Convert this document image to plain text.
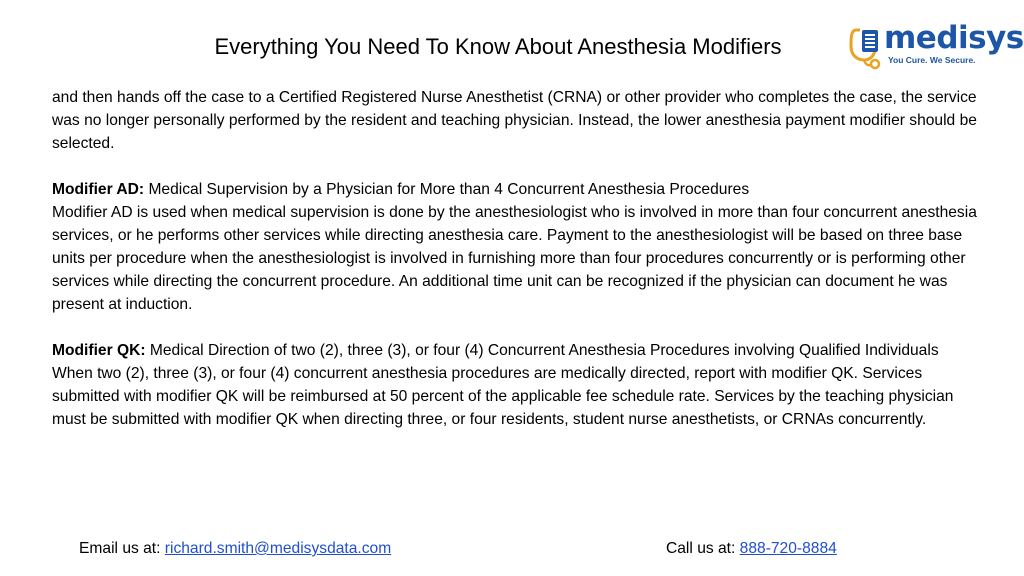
Everything You Need To Know About Anesthesia Modifiers	medisys
You Cure. We Secure.

and then hands off the case to a Certified Registered Nurse Anesthetist (CRNA) or other provider who completes the case, the service was no longer personally performed by the resident and teaching physician. Instead, the lower anesthesia payment modifier should be selected.

Modifier AD: Medical Supervision by a Physician for More than 4 Concurrent Anesthesia Procedures
Modifier AD is used when medical supervision is done by the anesthesiologist who is involved in more than four concurrent anesthesia services, or he performs other services while directing anesthesia care. Payment to the anesthesiologist will be based on three base units per procedure when the anesthesiologist is involved in furnishing more than four procedures concurrently or is performing other services while directing the concurrent procedure. An additional time unit can be recognized if the physician can document he was present at induction.

Modifier QK: Medical Direction of two (2), three (3), or four (4) Concurrent Anesthesia Procedures involving Qualified Individuals
When two (2), three (3), or four (4) concurrent anesthesia procedures are medically directed, report with modifier QK. Services submitted with modifier QK will be reimbursed at 50 percent of the applicable fee schedule rate. Services by the teaching physician must be submitted with modifier QK when directing three, or four residents, student nurse anesthetists, or CRNAs concurrently.

Email us at: richard.smith@medisysdata.com	Call us at: 888-720-8884
